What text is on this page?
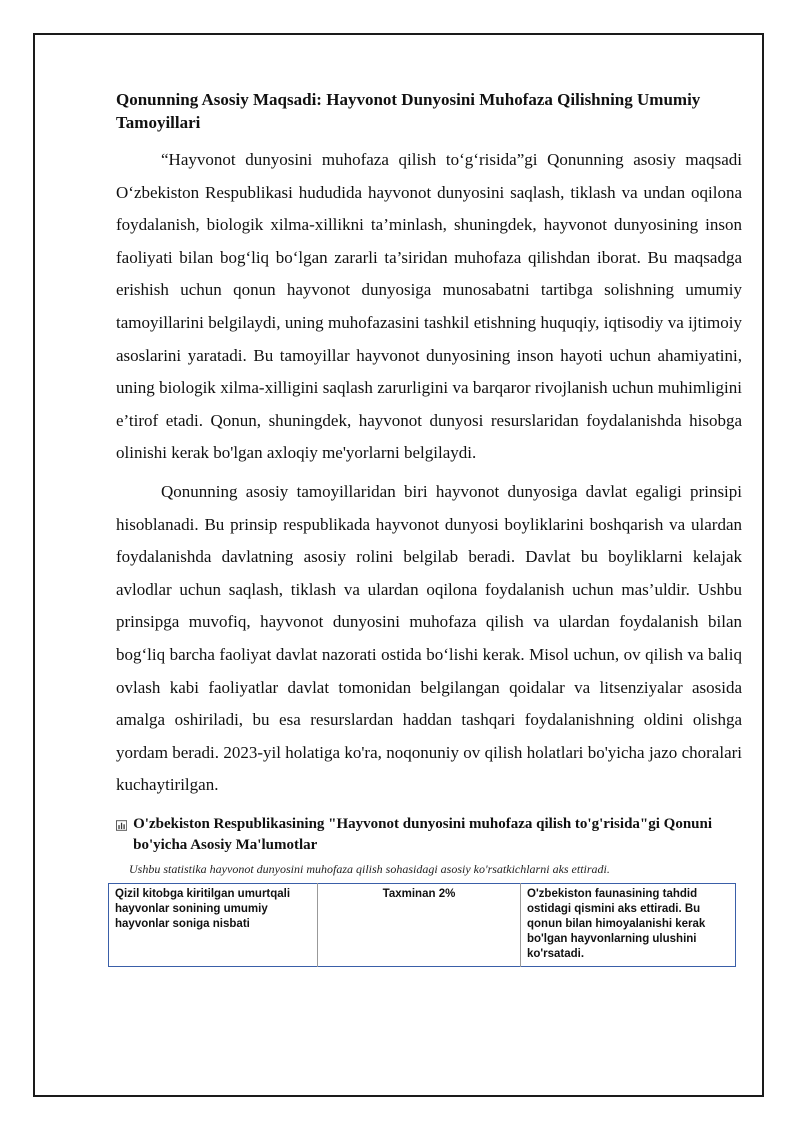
Qonunning Asosiy Maqsadi: Hayvonot Dunyosini Muhofaza Qilishning Umumiy Tamoyillari

“Hayvonot dunyosini muhofaza qilish to‘g‘risida”gi Qonunning asosiy maqsadi O‘zbekiston Respublikasi hududida hayvonot dunyosini saqlash, tiklash va undan oqilona foydalanish, biologik xilma-xillikni ta’minlash, shuningdek, hayvonot dunyosining inson faoliyati bilan bog‘liq bo‘lgan zararli ta’siridan muhofaza qilishdan iborat. Bu maqsadga erishish uchun qonun hayvonot dunyosiga munosabatni tartibga solishning umumiy tamoyillarini belgilaydi, uning muhofazasini tashkil etishning huquqiy, iqtisodiy va ijtimoiy asoslarini yaratadi. Bu tamoyillar hayvonot dunyosining inson hayoti uchun ahamiyatini, uning biologik xilma-xilligini saqlash zarurligini va barqaror rivojlanish uchun muhimligini e’tirof etadi. Qonun, shuningdek, hayvonot dunyosi resurslaridan foydalanishda hisobga olinishi kerak bo'lgan axloqiy me'yorlarni belgilaydi.

Qonunning asosiy tamoyillaridan biri hayvonot dunyosiga davlat egaligi prinsipi hisoblanadi. Bu prinsip respublikada hayvonot dunyosi boyliklarini boshqarish va ulardan foydalanishda davlatning asosiy rolini belgilab beradi. Davlat bu boyliklarni kelajak avlodlar uchun saqlash, tiklash va ulardan oqilona foydalanish uchun mas’uldir. Ushbu prinsipga muvofiq, hayvonot dunyosini muhofaza qilish va ulardan foydalanish bilan bog‘liq barcha faoliyat davlat nazorati ostida bo‘lishi kerak. Misol uchun, ov qilish va baliq ovlash kabi faoliyatlar davlat tomonidan belgilangan qoidalar va litsenziyalar asosida amalga oshiriladi, bu esa resurslardan haddan tashqari foydalanishning oldini olishga yordam beradi. 2023-yil holatiga ko'ra, noqonuniy ov qilish holatlari bo'yicha jazo choralari kuchaytirilgan.

O'zbekiston Respublikasining "Hayvonot dunyosini muhofaza qilish to'g'risida"gi Qonuni bo'yicha Asosiy Ma'lumotlar
Ushbu statistika hayvonot dunyosini muhofaza qilish sohasidagi asosiy ko'rsatkichlarni aks ettiradi.
Qizil kitobga kiritilgan umurtqali hayvonlar sonining umumiy hayvonlar soniga nisbati	Taxminan 2%	O'zbekiston faunasining tahdid ostidagi qismini aks ettiradi. Bu qonun bilan himoyalanishi kerak bo'lgan hayvonlarning ulushini ko'rsatadi.
